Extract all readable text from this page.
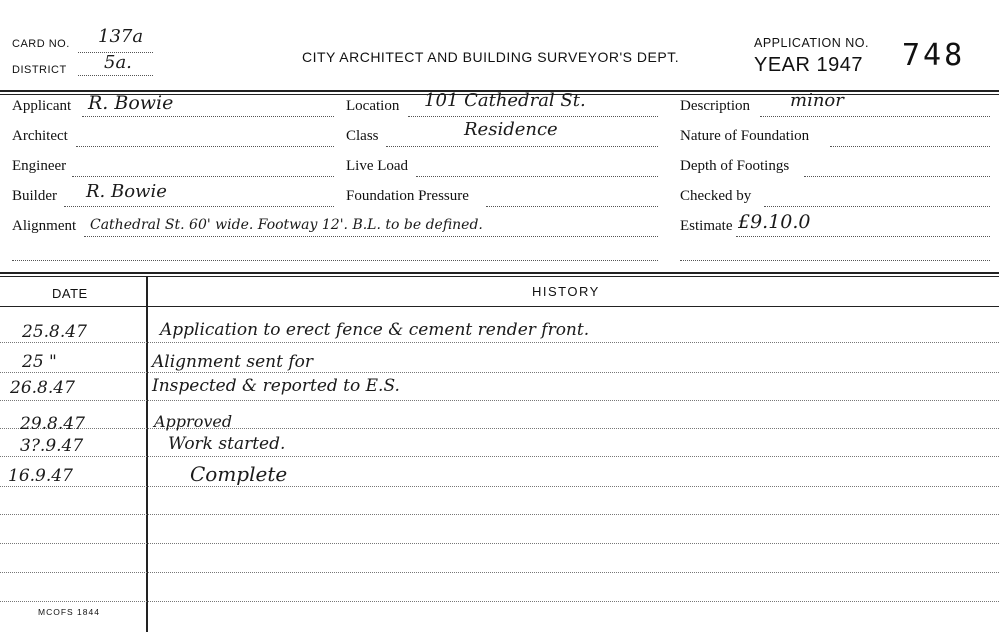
CARD NO. 137a
DISTRICT 5a.	CITY ARCHITECT AND BUILDING SURVEYOR'S DEPT.
APPLICATION NO.
YEAR 1947 748
Applicant R. Bowie
Architect
Engineer
Builder R. Bowie
Alignment Cathedral St. 60' wide. Footway 12'. B.L. to be defined.
Location 101 Cathedral St.
Class	Residence
Live Load
Foundation Pressure
Description minor
Nature of Foundation
Depth of Footings
Checked by
Estimate £9.10.0
DATE	HISTORY
25.8.47	Application to erect fence & cement render front.
25 "	Alignment sent for
26.8.47	Inspected & reported to E.S.
29.8.47	Approved
3?.9.47	Work started.
16.9.47	Complete
MCOFS 1844
